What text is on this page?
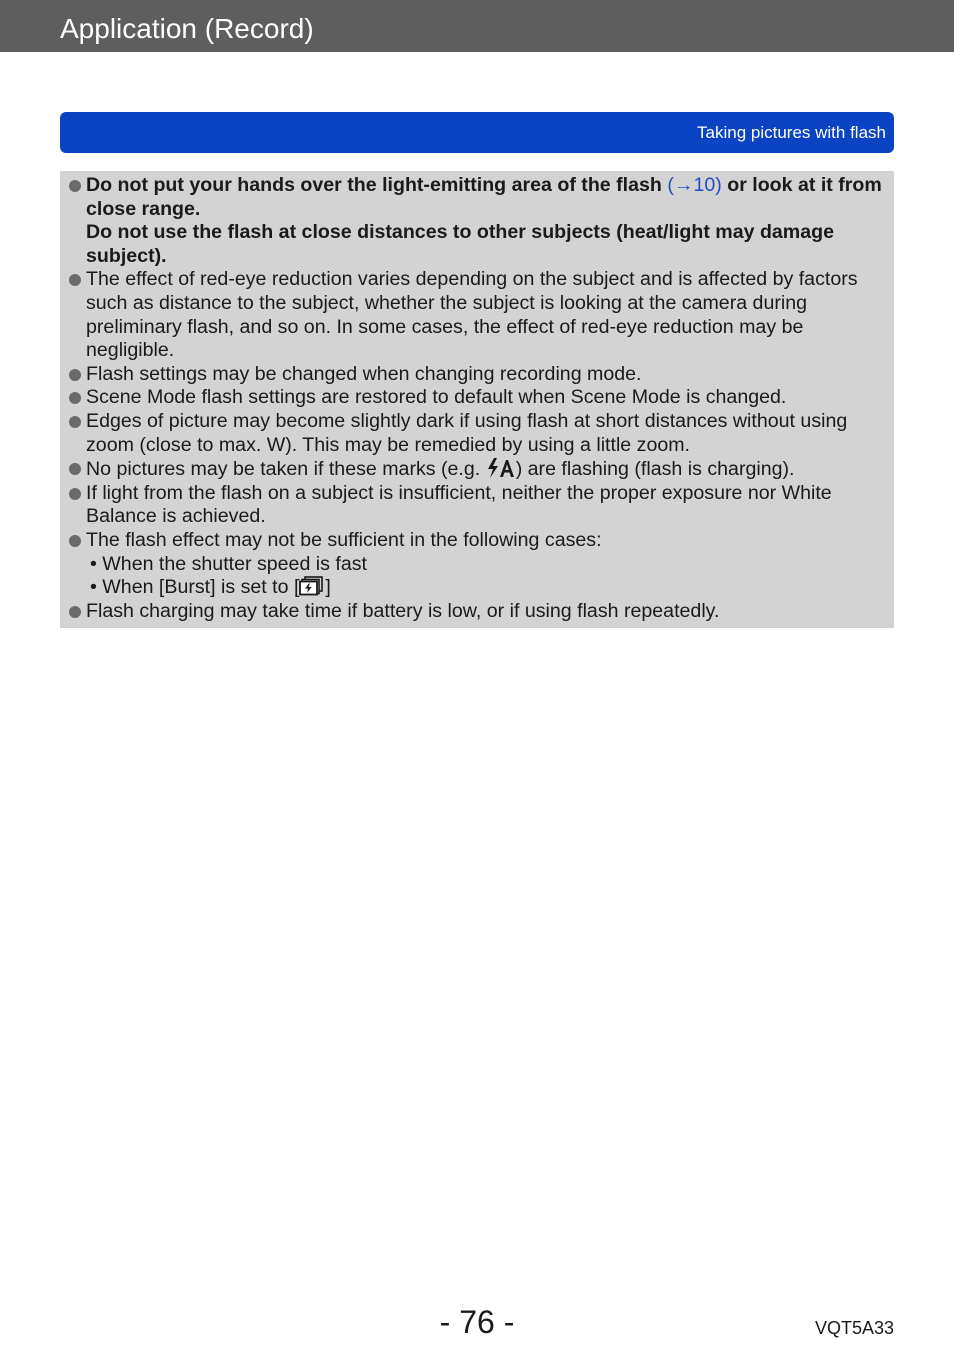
Application (Record)
Taking pictures with flash
Do not put your hands over the light-emitting area of the flash (→10) or look at it from close range.
Do not use the flash at close distances to other subjects (heat/light may damage subject).
The effect of red-eye reduction varies depending on the subject and is affected by factors such as distance to the subject, whether the subject is looking at the camera during preliminary flash, and so on. In some cases, the effect of red-eye reduction may be negligible.
Flash settings may be changed when changing recording mode.
Scene Mode flash settings are restored to default when Scene Mode is changed.
Edges of picture may become slightly dark if using flash at short distances without using zoom (close to max. W). This may be remedied by using a little zoom.
No pictures may be taken if these marks (e.g. ) are flashing (flash is charging).
If light from the flash on a subject is insufficient, neither the proper exposure nor White Balance is achieved.
The flash effect may not be sufficient in the following cases:
• When the shutter speed is fast
• When [Burst] is set to [ ]
Flash charging may take time if battery is low, or if using flash repeatedly.
- 76 -	VQT5A33
